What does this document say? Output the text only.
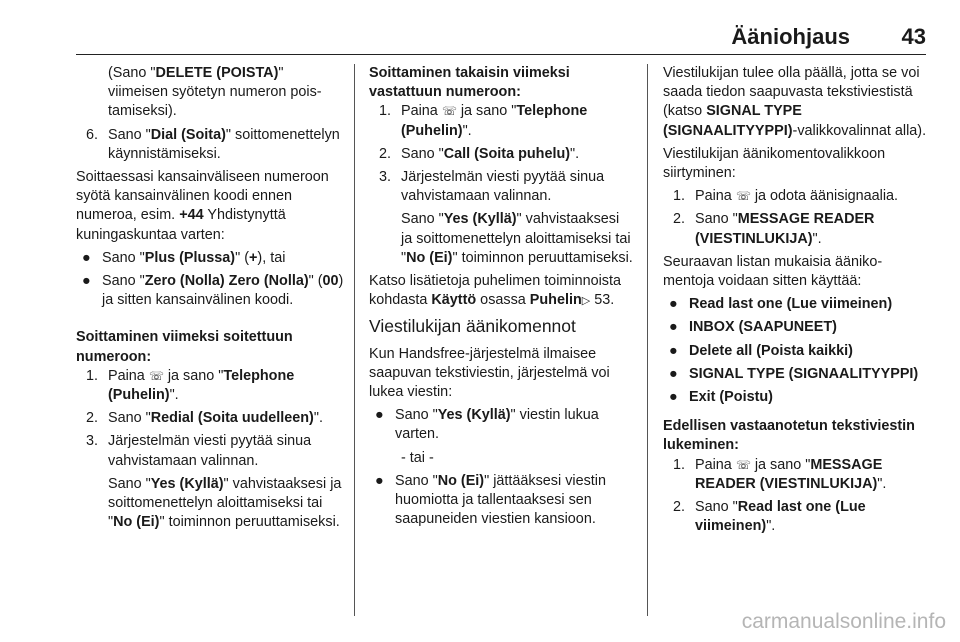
Ääniohjaus 43

(Sano "DELETE (POISTA)" viimeisen syötetyn numeron poistamiseksi).

6. Sano "Dial (Soita)" soittomenettelyn käynnistämiseksi.

Soittaessasi kansainväliseen numeroon syötä kansainvälinen koodi ennen numeroa, esim. +44 Yhdistynyttä kuningaskuntaa varten:

● Sano "Plus (Plussa)" (+), tai
● Sano "Zero (Nolla) Zero (Nolla)" (00) ja sitten kansainvälinen koodi.

Soittaminen viimeksi soitettuun numeroon:

1. Paina ☏ ja sano "Telephone (Puhelin)".
2. Sano "Redial (Soita uudelleen)".
3. Järjestelmän viesti pyytää sinua vahvistamaan valinnan.

Sano "Yes (Kyllä)" vahvistaaksesi ja soittomenettelyn aloittamiseksi tai "No (Ei)" toiminnon peruuttamiseksi.

Soittaminen takaisin viimeksi vastattuun numeroon:

1. Paina ☏ ja sano "Telephone (Puhelin)".
2. Sano "Call (Soita puhelu)".
3. Järjestelmän viesti pyytää sinua vahvistamaan valinnan.

Sano "Yes (Kyllä)" vahvistaaksesi ja soittomenettelyn aloittamiseksi tai "No (Ei)" toiminnon peruuttamiseksi.

Katso lisätietoja puhelimen toiminnoista kohdasta Käyttö osassa Puhelin▷ 53.

Viestilukijan äänikomennot

Kun Handsfree-järjestelmä ilmaisee saapuvan tekstiviestin, järjestelmä voi lukea viestin:

● Sano "Yes (Kyllä)" viestin lukua varten.

- tai -

● Sano "No (Ei)" jättääksesi viestin huomiotta ja tallentaaksesi sen saapuneiden viestien kansioon.

Viestilukijan tulee olla päällä, jotta se voi saada tiedon saapuvasta tekstiviestistä (katso SIGNAL TYPE (SIGNAALITYYPPI)-valikkovalinnat alla).

Viestilukijan äänikomentovalikkoon siirtyminen:

1. Paina ☏ ja odota äänisignaalia.
2. Sano "MESSAGE READER (VIESTINLUKIJA)".

Seuraavan listan mukaisia äänikomentoja voidaan sitten käyttää:

● Read last one (Lue viimeinen)
● INBOX (SAAPUNEET)
● Delete all (Poista kaikki)
● SIGNAL TYPE (SIGNAALITYYPPI)
● Exit (Poistu)

Edellisen vastaanotetun tekstiviestin lukeminen:

1. Paina ☏ ja sano "MESSAGE READER (VIESTINLUKIJA)".
2. Sano "Read last one (Lue viimeinen)".
carmanualsonline.info
